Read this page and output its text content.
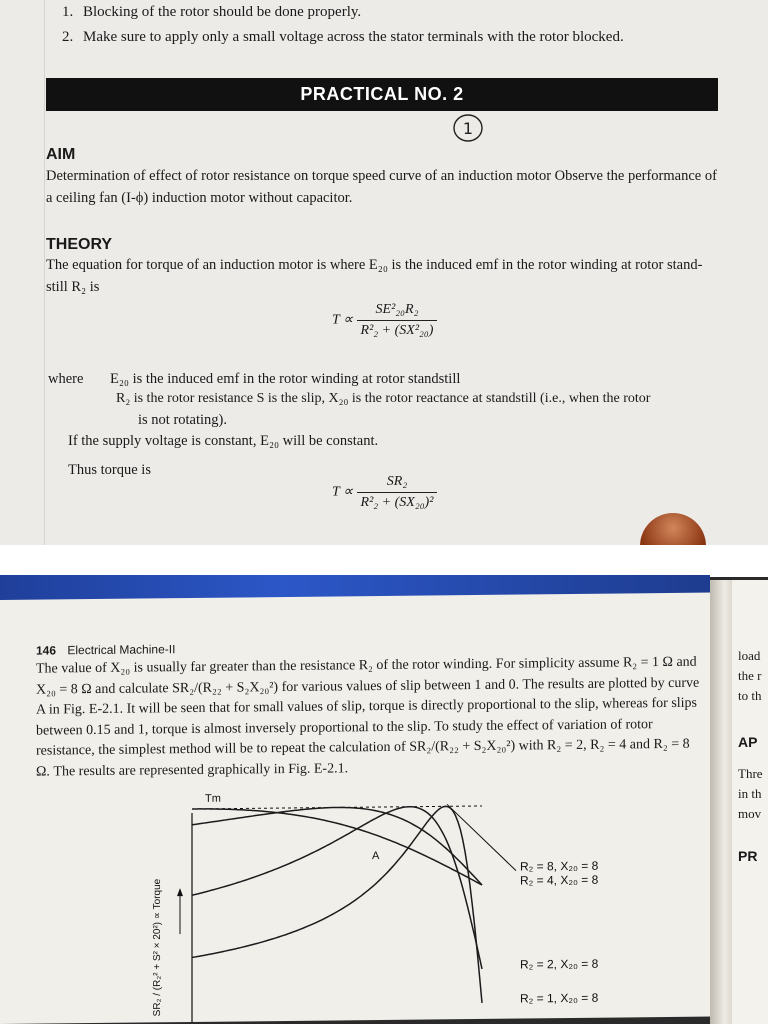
1. Blocking of the rotor should be done properly.
2. Make sure to apply only a small voltage across the stator terminals with the rotor blocked.
PRACTICAL NO. 2
1
AIM
Determination of effect of rotor resistance on torque speed curve of an induction motor Observe the performance of a ceiling fan (I-ϕ) induction motor without capacitor.
THEORY
The equation for torque of an induction motor is where E₂₀ is the induced emf in the rotor winding at rotor stand-still R₂ is
$T \propto \frac{\text{SE²₂₀R₂}}{\text{R²₂ + (SX²₂₀)}}$
where E₂₀ is the induced emf in the rotor winding at rotor standstill
R₂ is the rotor resistance S is the slip, X₂₀ is the rotor reactance at standstill (i.e., when the rotor
is not rotating).
If the supply voltage is constant, E₂₀ will be constant.
Thus torque is
$T \propto \frac{\text{SR₂}}{\text{R²₂ + (SX₂₀)²}}$
146 Electrical Machine-II
The value of X₂₀ is usually far greater than the resistance R₂ of the rotor winding. For simplicity assume R₂ = 1 Ω and X₂₀ = 8 Ω and calculate SR₂/(R₂₂ + S₂X₂₀²) for various values of slip between 1 and 0. The results are plotted by curve A in Fig. E-2.1. It will be seen that for small values of slip, torque is directly proportional to the slip, whereas for slips between 0.15 and 1, torque is almost inversely proportional to the slip. To study the effect of variation of rotor resistance, the simplest method will be to repeat the calculation of SR₂/(R₂₂ + S₂X₂₀²) with R₂ = 2, R₂ = 4 and R₂ = 8 Ω. The results are represented graphically in Fig. E-2.1.
Tm
A
SR₂ / (R₂² + S² × 20²) ∝ Torque
R₂ = 8, X₂₀ = 8
R₂ = 4, X₂₀ = 8
R₂ = 2, X₂₀ = 8
R₂ = 1, X₂₀ = 8
load
the r
to th
AP
Thre
in th
mov
PR
